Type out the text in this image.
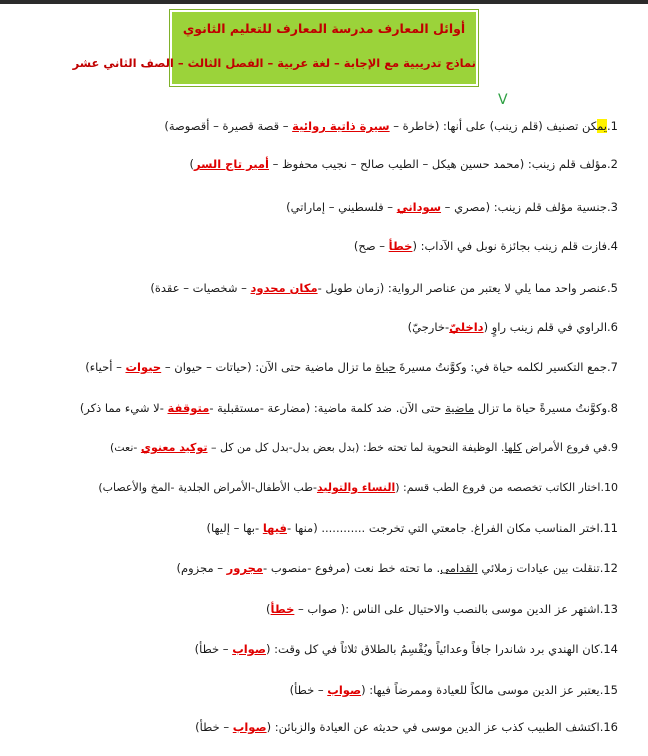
أوائل المعارف مدرسة المعارف للتعليم الثانوي
نماذج تدريبية مع الإجابة – لغة عربية – الفصل الثالث – الصف الثاني عشر
V
1.يمكن تصنيف (قلم زينب) على أنها: (خاطرة – سيرة ذاتية روائية – قصة قصيرة – أقصوصة)
2.مؤلف قلم زينب: (محمد حسين هيكل – الطيب صالح – نجيب محفوظ – أمير تاج السر)
3.جنسية مؤلف قلم زينب: (مصري – سوداني – فلسطيني – إماراتي)
4.فازت قلم زينب بجائزة نوبل في الآداب: (خطأ – صح)
5.عنصر واحد مما يلي لا يعتبر من عناصر الرواية: (زمان طويل -مكان محدود – شخصيات – عقدة)
6.الراوي في قلم زينب راوٍ (داخليّ-خارجيّ)
7.جمع التكسير لكلمه حياة في: وكوَّنتُ مسيرةَ حياة ما تزال ماضية حتى الآن: (حياتات – حيوان – حيوات – أحياء)
8.وكوَّنتُ مسيرةً حياة ما تزال ماضية حتى الآن. ضد كلمة ماضية: (مضارعة -مستقبلية -متوقفة -لا شيء مما ذكر)
9.في فروع الأمراض كلها. الوظيفة النحوية لما تحته خط: (بدل بعض بدل-بدل كل من كل – توكيد معنوي -نعت)
10.اختار الكاتب تخصصه من فروع الطب قسم: (النساء والتوليد-طب الأطفال-الأمراض الجلدية -المخ والأعصاب)
11.اختر المناسب مكان الفراغ. جامعتي التي تخرجت ............ (منها -فيها -بها – إليها)
12.تنقلت بين عيادات زملائي القدامى. ما تحته خط نعت (مرفوع -منصوب -مجرور – مجزوم)
13.اشتهر عز الدين موسى بالنصب والاحتيال على الناس :( صواب – خطأ)
14.كان الهندي برد شاندرا جافاً وعدائياً ويُقْسِمُ بالطلاق ثلاثاً في كل وقت: (صواب – خطأ)
15.يعتبر عز الدين موسى مالكاً للعيادة وممرضاً فيها: (صواب – خطأ)
16.اكتشف الطبيب كذب عز الدين موسى في حديثه عن العيادة والزبائن: (صواب – خطأ)
